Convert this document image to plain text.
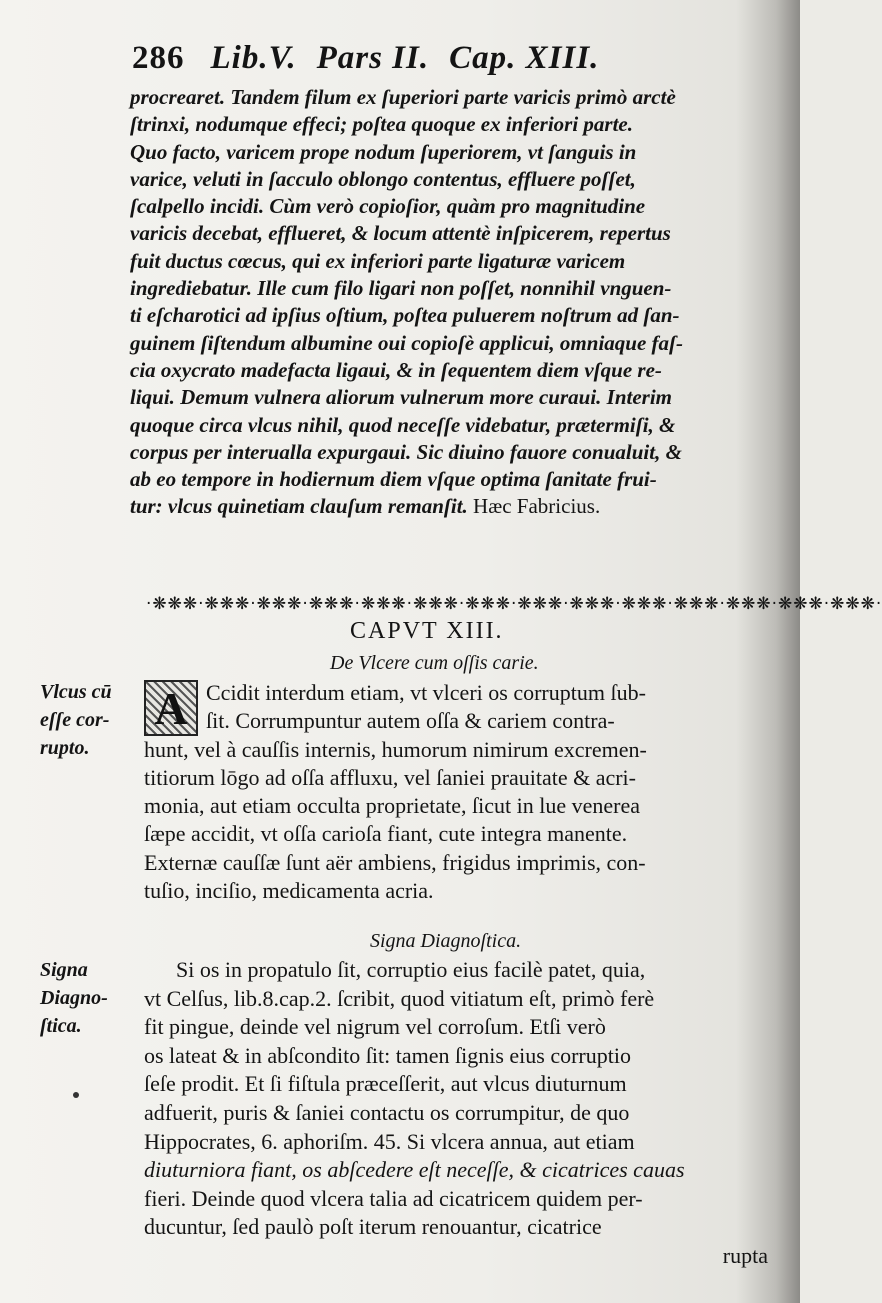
286 Lib.V. Pars II. Cap. XIII.
procrearet. Tandem filum ex ſuperiori parte varicis primò arctè
ſtrinxi, nodumque effeci; poſtea quoque ex inferiori parte.
Quo facto, varicem prope nodum ſuperiorem, vt ſanguis in
varice, veluti in ſacculo oblongo contentus, effluere poſſet,
ſcalpello incidi. Cùm verò copioſior, quàm pro magnitudine
varicis decebat, efflueret, & locum attentè inſpicerem, repertus
fuit ductus cœcus, qui ex inferiori parte ligaturæ varicem
ingrediebatur. Ille cum filo ligari non poſſet, nonnihil vnguen-
ti eſcharotici ad ipſius oſtium, poſtea puluerem noſtrum ad ſan-
guinem ſiſtendum albumine oui copioſè applicui, omniaque faſ-
cia oxycrato madefacta ligaui, & in ſequentem diem vſque re-
liqui. Demum vulnera aliorum vulnerum more curaui. Interim
quoque circa vlcus nihil, quod neceſſe videbatur, prætermiſi, &
corpus per interualla expurgaui. Sic diuino fauore conualuit, &
ab eo tempore in hodiernum diem vſque optima ſanitate frui-
tur: vlcus quinetiam clauſum remanſit. Hæc Fabricius.
·❋❋❋·❋❋❋·❋❋❋·❋❋❋·❋❋❋·❋❋❋·❋❋❋·❋❋❋·❋❋❋·❋❋❋·❋❋❋·❋❋❋·❋❋❋·❋❋❋·
CAPVT XIII.
De Vlcere cum oſſis carie.
Vlcus cū
eſſe cor-
rupto.
A Ccidit interdum etiam, vt vlceri os corruptum ſub-
ſit. Corrumpuntur autem oſſa & cariem contra-
hunt, vel à cauſſis internis, humorum nimirum excremen-
titiorum lōgo ad oſſa affluxu, vel ſaniei prauitate & acri-
monia, aut etiam occulta proprietate, ſicut in lue venerea
ſæpe accidit, vt oſſa carioſa fiant, cute integra manente.
Externæ cauſſæ ſunt aër ambiens, frigidus imprimis, con-
tuſio, inciſio, medicamenta acria.
Signa Diagnoſtica.
Signa
Diagno-
ſtica.
Si os in propatulo ſit, corruptio eius facilè patet, quia,
vt Celſus, lib.8.cap.2. ſcribit, quod vitiatum eſt, primò ferè
fit pingue, deinde vel nigrum vel corroſum. Etſi verò
os lateat & in abſcondito ſit: tamen ſignis eius corruptio
ſeſe prodit. Et ſi fiſtula præceſſerit, aut vlcus diuturnum
adfuerit, puris & ſaniei contactu os corrumpitur, de quo
Hippocrates, 6. aphoriſm. 45. Si vlcera annua, aut etiam
diuturniora fiant, os abſcedere eſt neceſſe, & cicatrices cauas
fieri. Deinde quod vlcera talia ad cicatricem quidem per-
ducuntur, ſed paulò poſt iterum renouantur, cicatrice
rupta
